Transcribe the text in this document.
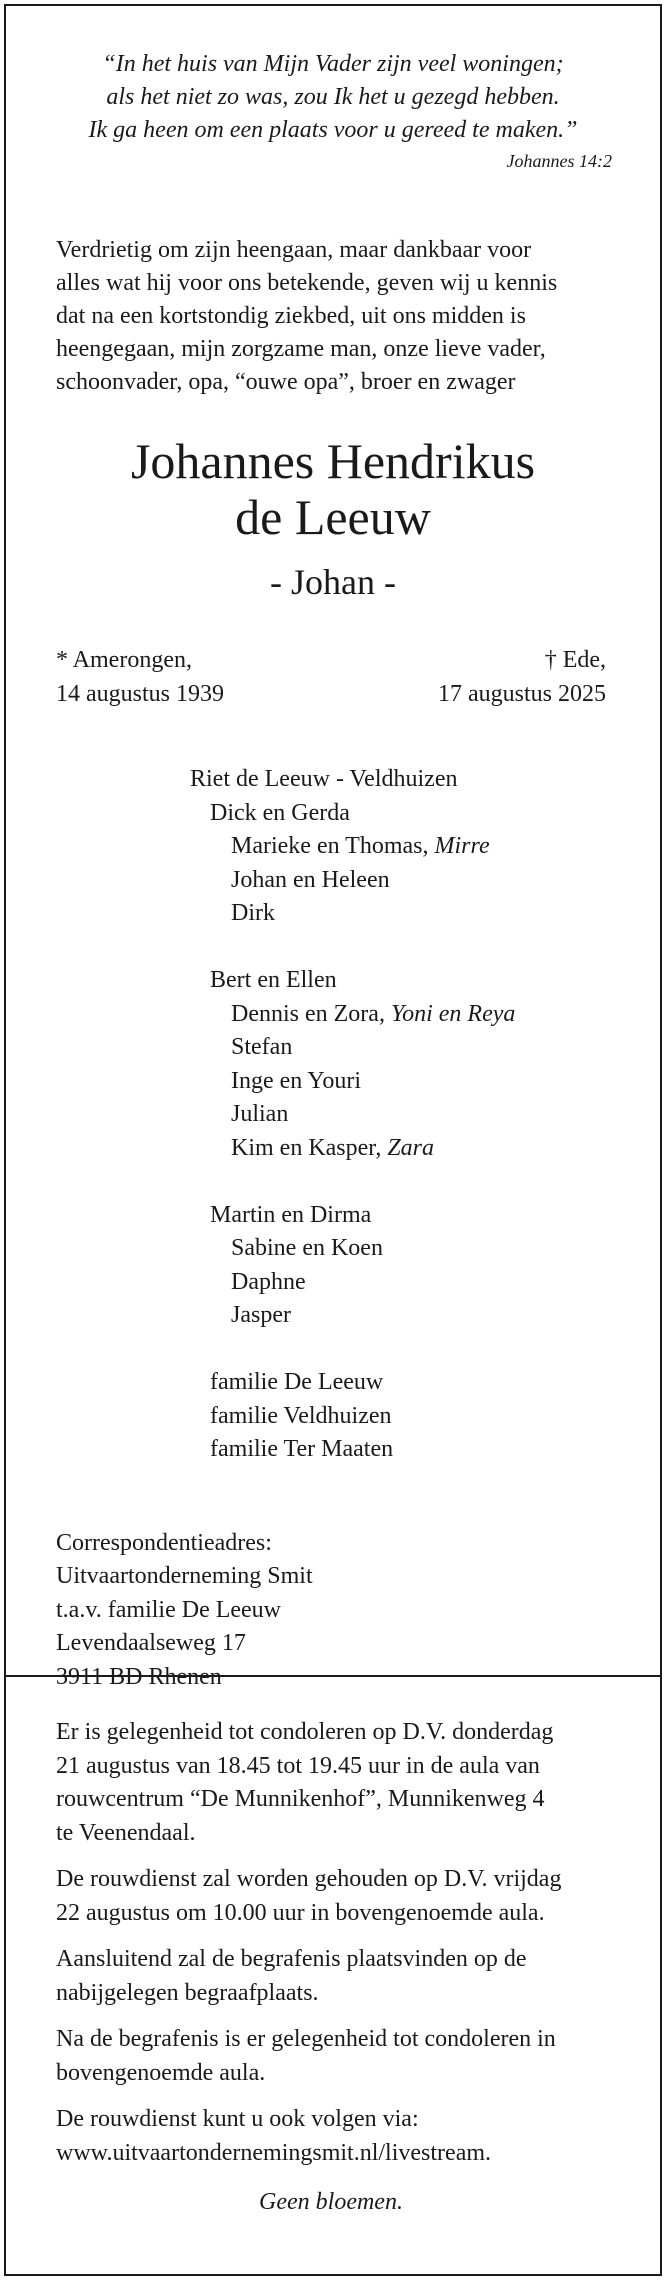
“In het huis van Mijn Vader zijn veel woningen;
als het niet zo was, zou Ik het u gezegd hebben.
Ik ga heen om een plaats voor u gereed te maken.”
Johannes 14:2
Verdrietig om zijn heengaan, maar dankbaar voor
alles wat hij voor ons betekende, geven wij u kennis
dat na een kortstondig ziekbed, uit ons midden is
heengegaan, mijn zorgzame man, onze lieve vader,
schoonvader, opa, “ouwe opa”, broer en zwager
Johannes Hendrikus
de Leeuw
- Johan -
* Amerongen,
14 augustus 1939
† Ede,
17 augustus 2025
Riet de Leeuw - Veldhuizen
Dick en Gerda
Marieke en Thomas, Mirre
Johan en Heleen
Dirk
Bert en Ellen
Dennis en Zora, Yoni en Reya
Stefan
Inge en Youri
Julian
Kim en Kasper, Zara
Martin en Dirma
Sabine en Koen
Daphne
Jasper
familie De Leeuw
familie Veldhuizen
familie Ter Maaten
Correspondentieadres:
Uitvaartonderneming Smit
t.a.v. familie De Leeuw
Levendaalseweg 17
3911 BD Rhenen

Er is gelegenheid tot condoleren op D.V. donderdag
21 augustus van 18.45 tot 19.45 uur in de aula van
rouwcentrum “De Munnikenhof”, Munnikenweg 4
te Veenendaal.

De rouwdienst zal worden gehouden op D.V. vrijdag
22 augustus om 10.00 uur in bovengenoemde aula.

Aansluitend zal de begrafenis plaatsvinden op de
nabijgelegen begraafplaats.

Na de begrafenis is er gelegenheid tot condoleren in
bovengenoemde aula.

De rouwdienst kunt u ook volgen via:
www.uitvaartondernemingsmit.nl/livestream.

Geen bloemen.
